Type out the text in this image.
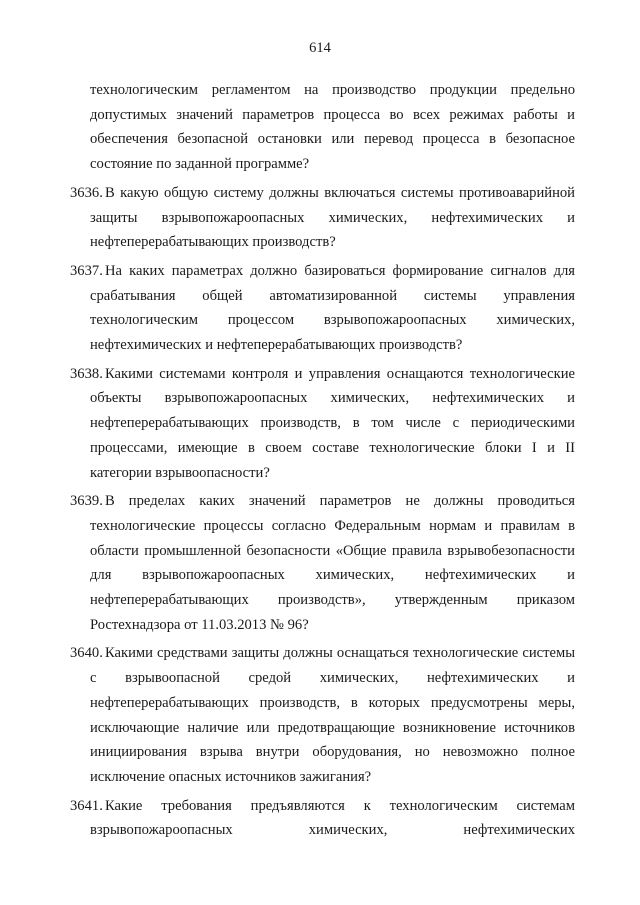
614

технологическим регламентом на производство продукции предельно допустимых значений параметров процесса во всех режимах работы и обеспечения безопасной остановки или перевод процесса в безопасное состояние по заданной программе?

3636. В какую общую систему должны включаться системы противоаварийной защиты взрывопожароопасных химических, нефтехимических и нефтеперерабатывающих производств?
3637. На каких параметрах должно базироваться формирование сигналов для срабатывания общей автоматизированной системы управления технологическим процессом взрывопожароопасных химических, нефтехимических и нефтеперерабатывающих производств?
3638. Какими системами контроля и управления оснащаются технологические объекты взрывопожароопасных химических, нефтехимических и нефтеперерабатывающих производств, в том числе с периодическими процессами, имеющие в своем составе технологические блоки I и II категории взрывоопасности?
3639. В пределах каких значений параметров не должны проводиться технологические процессы согласно Федеральным нормам и правилам в области промышленной безопасности «Общие правила взрывобезопасности для взрывопожароопасных химических, нефтехимических и нефтеперерабатывающих производств», утвержденным приказом Ростехнадзора от 11.03.2013 № 96?
3640. Какими средствами защиты должны оснащаться технологические системы с взрывоопасной средой химических, нефтехимических и нефтеперерабатывающих производств, в которых предусмотрены меры, исключающие наличие или предотвращающие возникновение источников инициирования взрыва внутри оборудования, но невозможно полное исключение опасных источников зажигания?
3641. Какие требования предъявляются к технологическим системам взрывопожароопасных химических, нефтехимических
